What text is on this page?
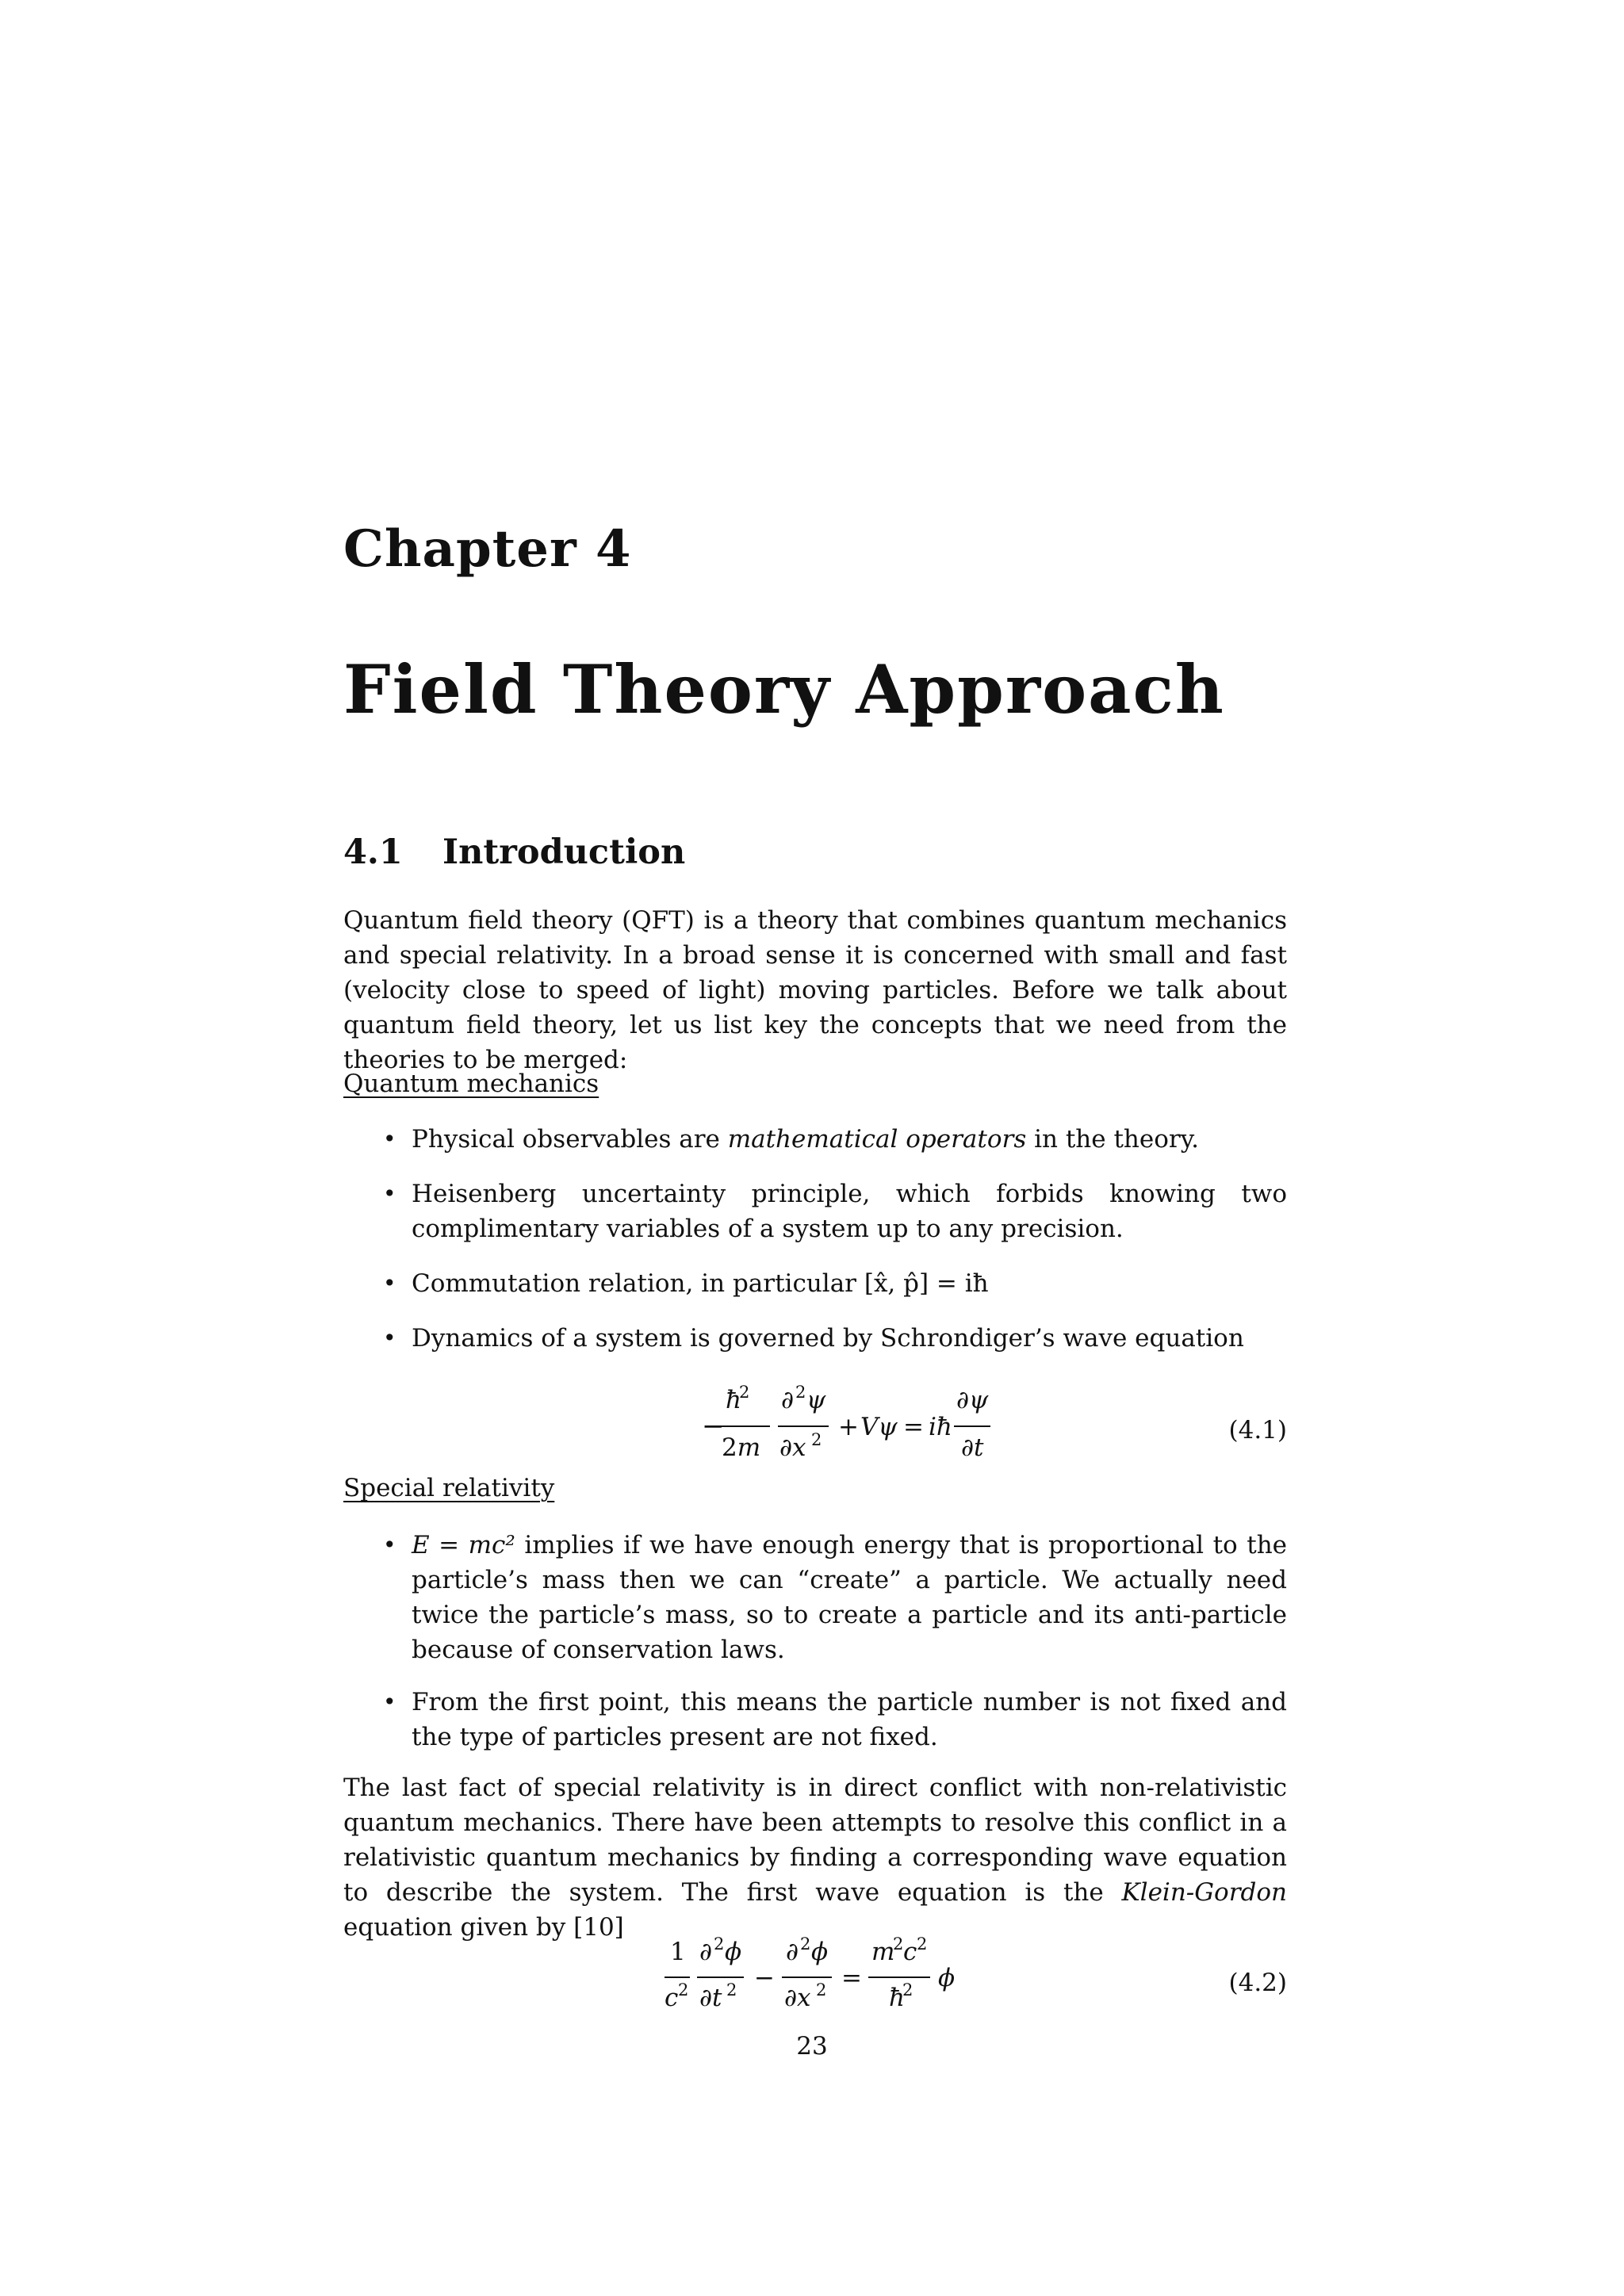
Chapter 4
Field Theory Approach
4.1 Introduction
Quantum field theory (QFT) is a theory that combines quantum mechanics and special relativity. In a broad sense it is concerned with small and fast (velocity close to speed of light) moving particles. Before we talk about quantum field theory, let us list key the concepts that we need from the theories to be merged:
Quantum mechanics
• Physical observables are mathematical operators in the theory.
• Heisenberg uncertainty principle, which forbids knowing two complimentary variables of a system up to any precision.
• Commutation relation, in particular [x̂, p̂] = iħ
• Dynamics of a system is governed by Schrondiger’s wave equation
−
ħ
2
2m
∂ 2 ψ
∂x 2 + Vψ = iħ
∂ψ
∂t
(4.1)
Special relativity
• E = mc² implies if we have enough energy that is proportional to the particle’s mass then we can “create” a particle. We actually need twice the particle’s mass, so to create a particle and its anti-particle because of conservation laws.
• From the first point, this means the particle number is not fixed and the type of particles present are not fixed.
The last fact of special relativity is in direct conflict with non-relativistic quantum mechanics. There have been attempts to resolve this conflict in a relativistic quantum mechanics by finding a corresponding wave equation to describe the system. The first wave equation is the Klein-Gordon equation given by [10]
1
c 2
∂ 2 ϕ
∂t 2 −
∂ 2 ϕ
∂x 2 =
m
2 c 2
ħ
2 ϕ	(4.2)
23
